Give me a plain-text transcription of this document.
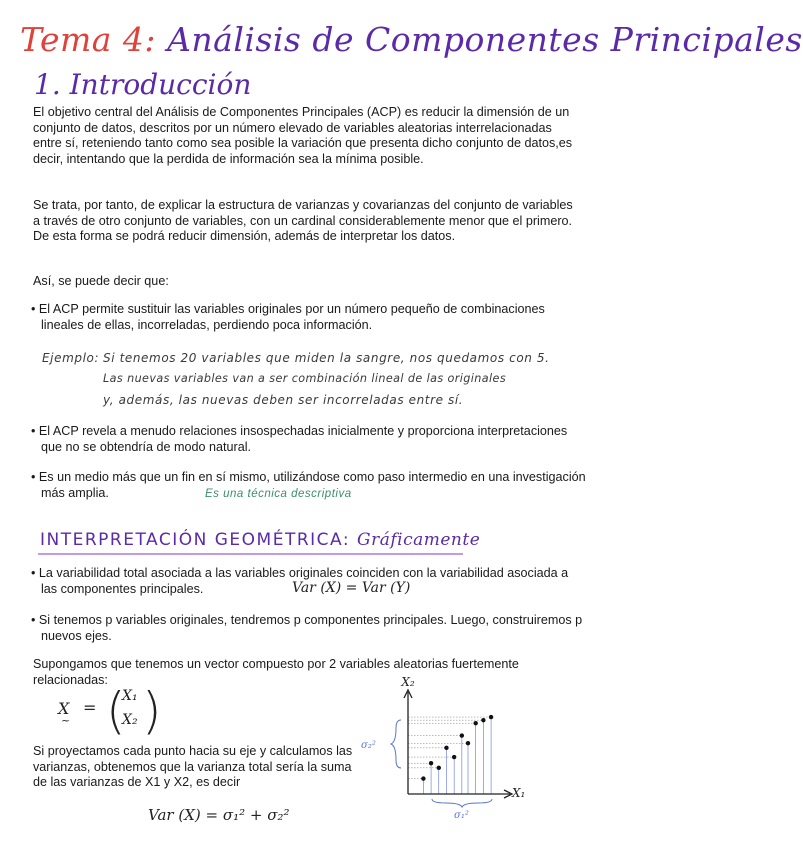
Tema 4: Análisis de Componentes Principales
1. Introducción
El objetivo central del Análisis de Componentes Principales (ACP) es reducir la dimensión de un conjunto de datos, descritos por un número elevado de variables aleatorias interrelacionadas entre sí, reteniendo tanto como sea posible la variación que presenta dicho conjunto de datos,es decir, intentando que la perdida de información sea la mínima posible.
Se trata, por tanto, de explicar la estructura de varianzas y covarianzas del conjunto de variables a través de otro conjunto de variables, con un cardinal considerablemente menor que el primero. De esta forma se podrá reducir dimensión, además de interpretar los datos.
Así, se puede decir que:
• El ACP permite sustituir las variables originales por un número pequeño de combinaciones lineales de ellas, incorreladas, perdiendo poca información.
Ejemplo: Si tenemos 20 variables que miden la sangre, nos quedamos con 5.
Las nuevas variables van a ser combinación lineal de las originales
y, además, las nuevas deben ser incorreladas entre sí.
• El ACP revela a menudo relaciones insospechadas inicialmente y proporciona interpretaciones que no se obtendría de modo natural.
• Es un medio más que un fin en sí mismo, utilizándose como paso intermedio en una investigación más amplia.	Es una técnica descriptiva
INTERPRETACIÓN GEOMÉTRICA: Gráficamente
• La variabilidad total asociada a las variables originales coinciden con la variabilidad asociada a las componentes principales.	Var (X) = Var (Y)
• Si tenemos p variables originales, tendremos p componentes principales. Luego, construiremos p nuevos ejes.
Supongamos que tenemos un vector compuesto por 2 variables aleatorias fuertemente relacionadas:
X
~
= (
X₁
X₂ )
Si proyectamos cada punto hacia su eje y calculamos las varianzas, obtenemos que la varianza total sería la suma de las varianzas de X1 y X2, es decir
Var (X) = σ₁² + σ₂²
X₂
X₁
σ₂²
σ₁²
